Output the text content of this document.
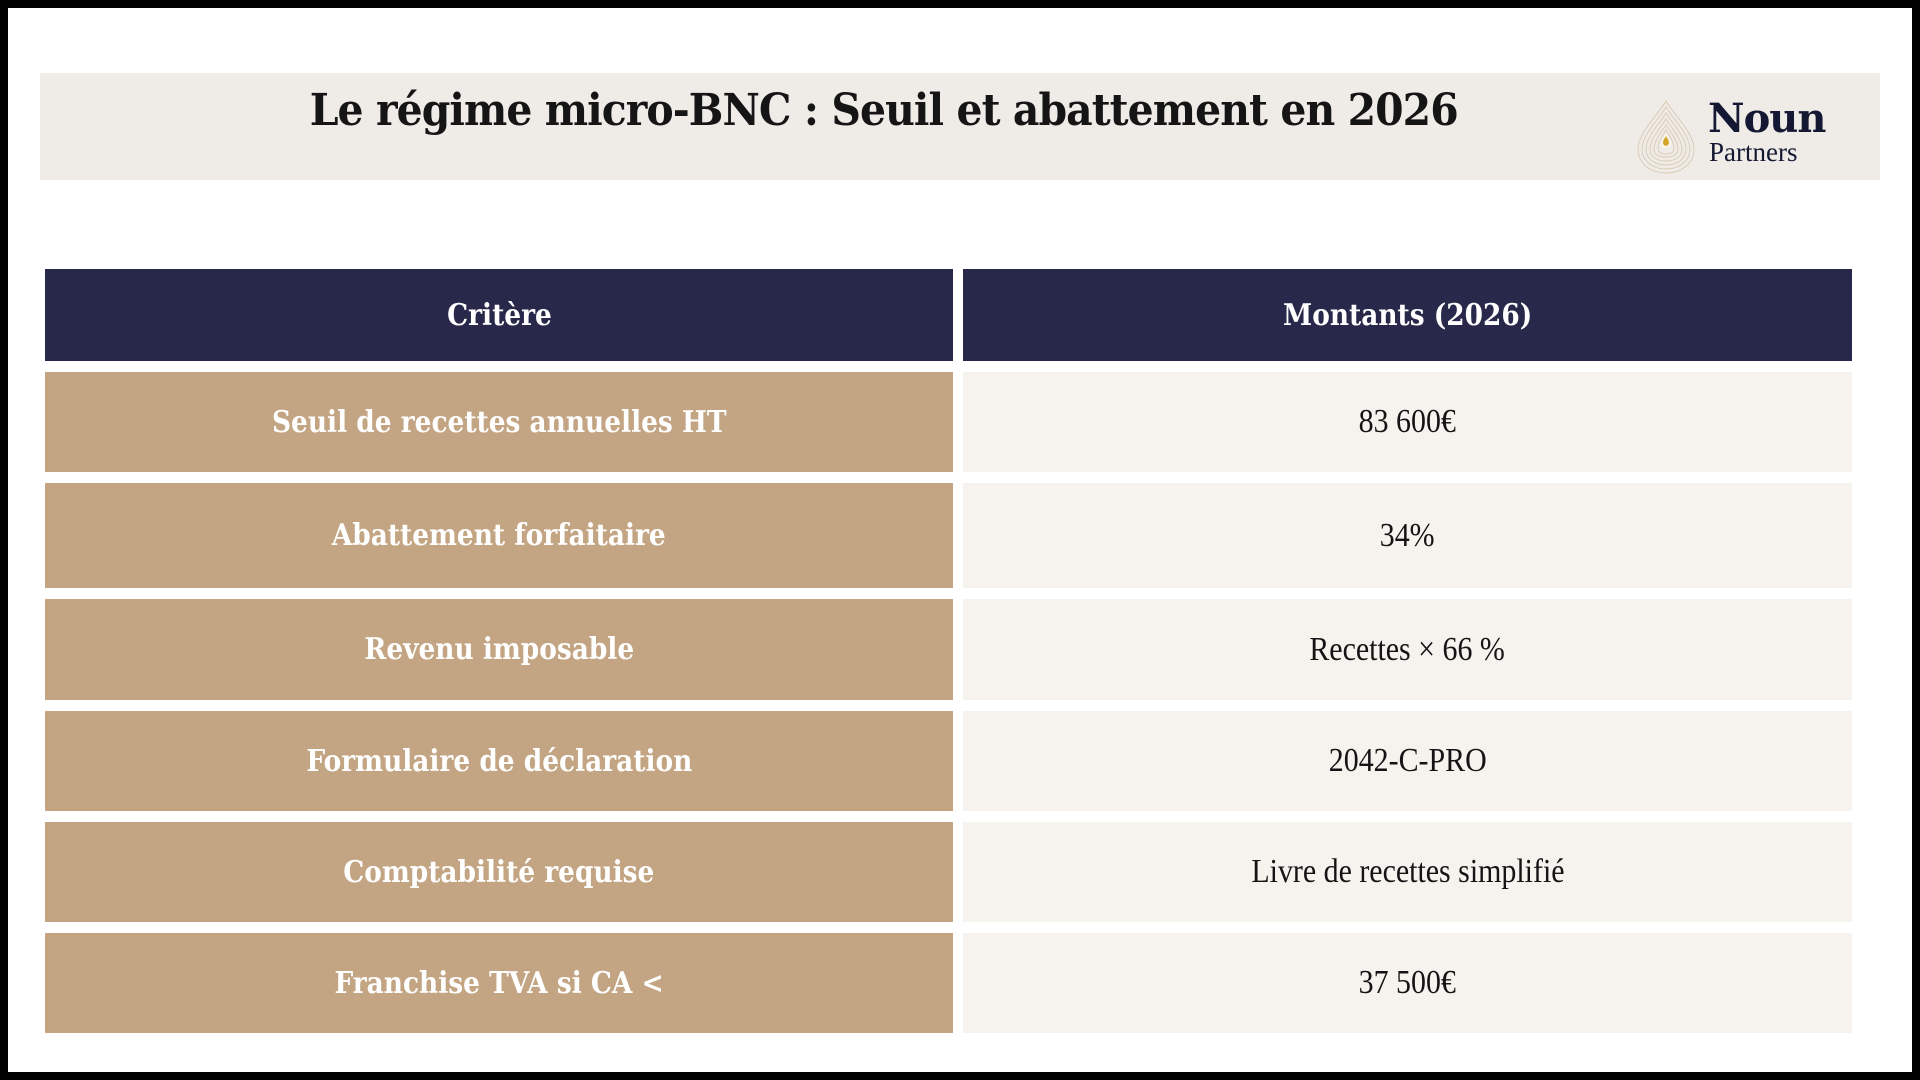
Le régime micro-BNC : Seuil et abattement en 2026	Noun
Partners
Critère	Montants (2026)
Seuil de recettes annuelles HT	83 600€
Abattement forfaitaire	34%
Revenu imposable	Recettes × 66 %
Formulaire de déclaration	2042-C-PRO
Comptabilité requise	Livre de recettes simplifié
Franchise TVA si CA <	37 500€
